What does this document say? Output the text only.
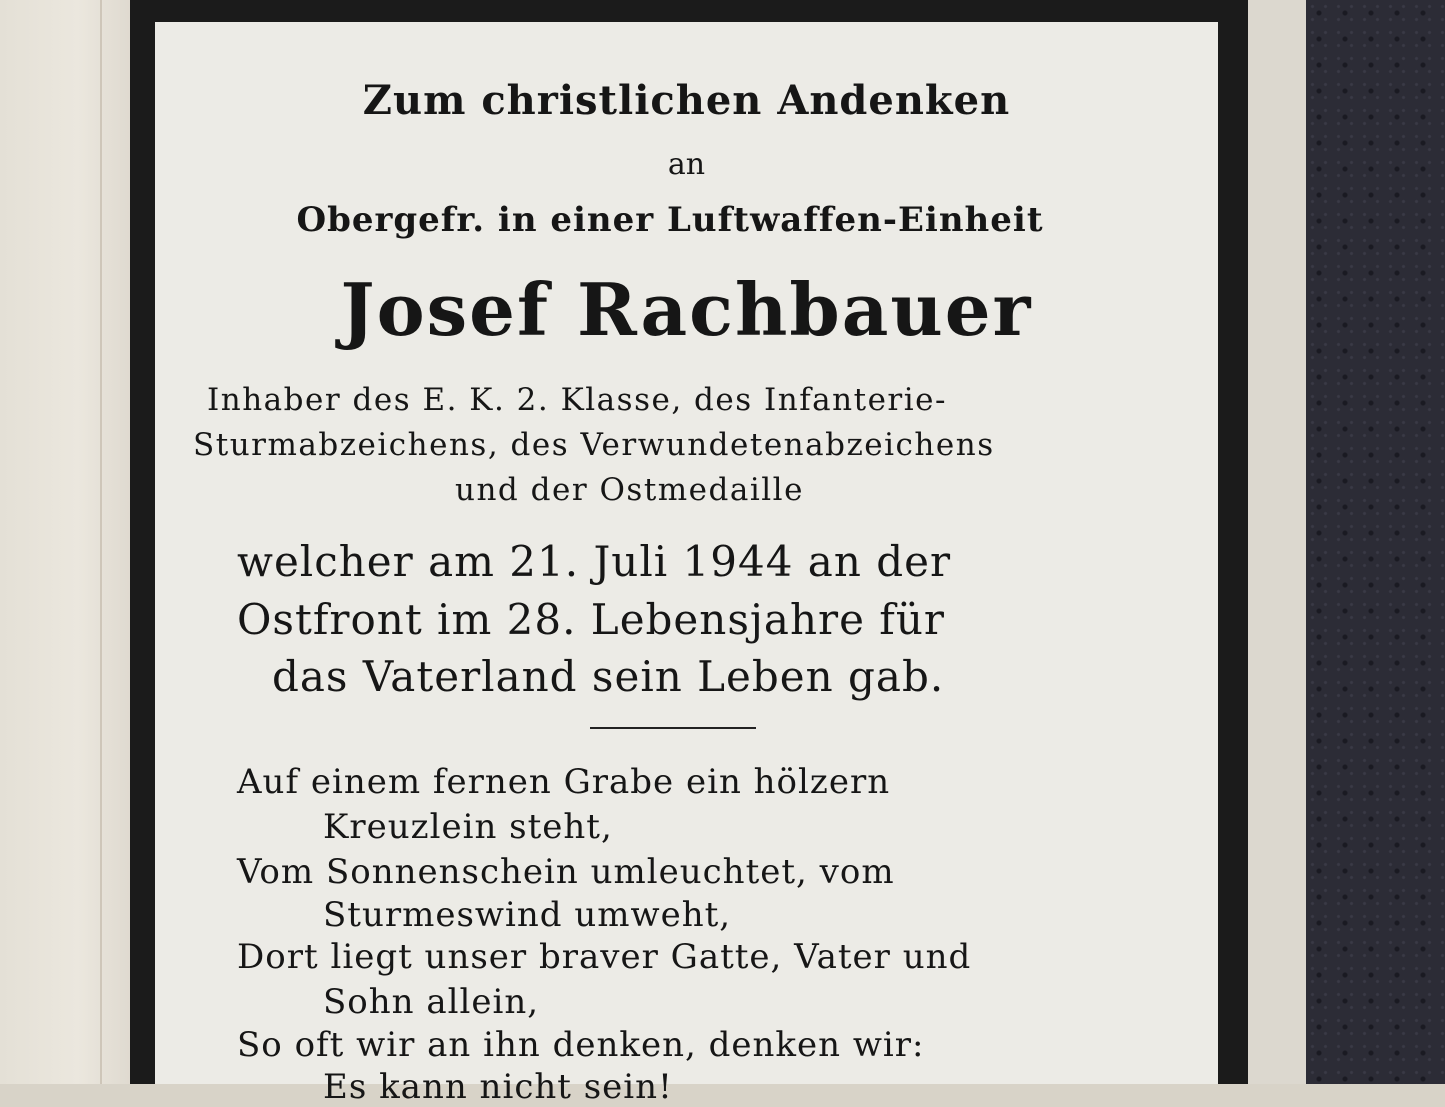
Zum christlichen Andenken
an
Obergefr. in einer Luftwaffen-Einheit
Josef Rachbauer
Inhaber des E. K. 2. Klasse, des Infanterie-
Sturmabzeichens, des Verwundetenabzeichens
und der Ostmedaille
welcher am 21. Juli 1944 an der
Ostfront im 28. Lebensjahre für
das Vaterland sein Leben gab.
Auf einem fernen Grabe ein hölzern
Kreuzlein steht,
Vom Sonnenschein umleuchtet, vom
Sturmeswind umweht,
Dort liegt unser braver Gatte, Vater und
Sohn allein,
So oft wir an ihn denken, denken wir:
Es kann nicht sein!
